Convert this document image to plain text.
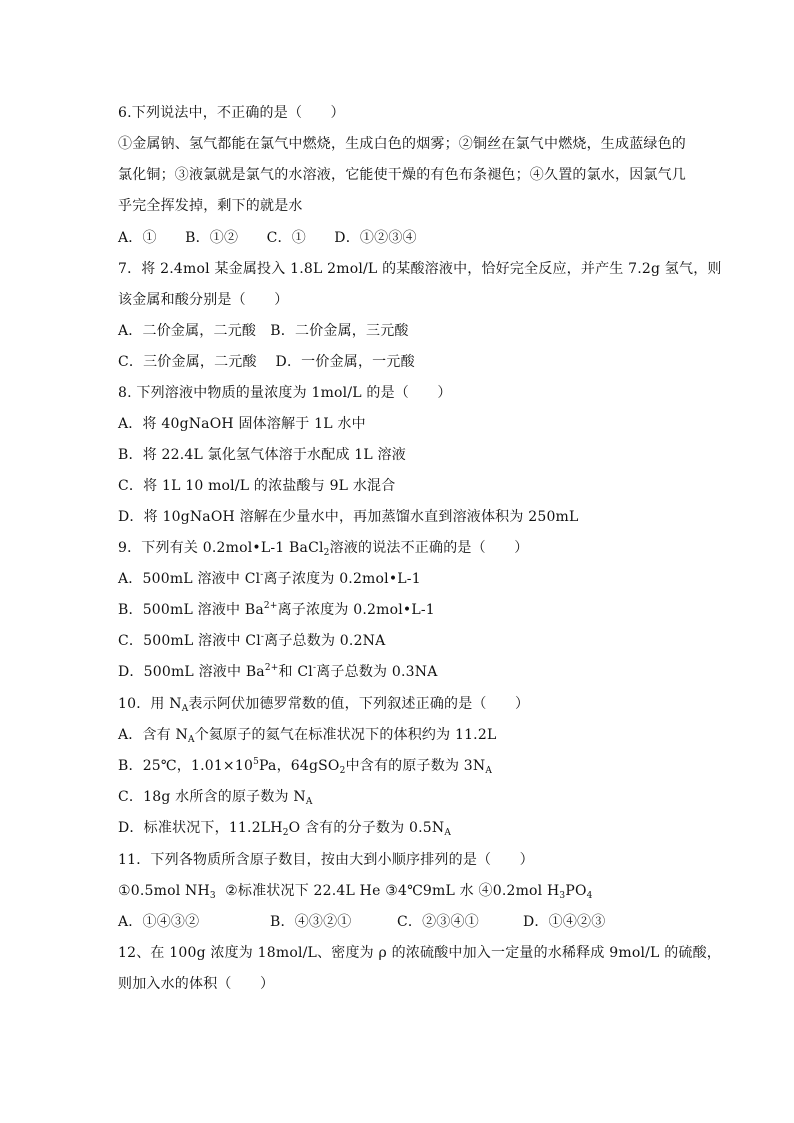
6.下列说法中，不正确的是（　　）
①金属钠、氢气都能在氯气中燃烧，生成白色的烟雾；②铜丝在氯气中燃烧，生成蓝绿色的
氯化铜；③液氯就是氯气的水溶液，它能使干燥的有色布条褪色；④久置的氯水，因氯气几
乎完全挥发掉，剩下的就是水
A．①　　B．①②　　C．①　　D．①②③④
7．将 2.4mol 某金属投入 1.8L 2mol/L 的某酸溶液中，恰好完全反应，并产生 7.2g 氢气，则
该金属和酸分别是（　　）
A．二价金属，二元酸　B．二价金属，三元酸
C．三价金属，二元酸　 D．一价金属，一元酸
8. 下列溶液中物质的量浓度为 1mol/L 的是（　　）
A．将 40gNaOH 固体溶解于 1L 水中
B．将 22.4L 氯化氢气体溶于水配成 1L 溶液
C．将 1L 10 mol/L 的浓盐酸与 9L 水混合
D．将 10gNaOH 溶解在少量水中，再加蒸馏水直到溶液体积为 250mL
9．下列有关 0.2mol•L-1 BaCl$_2$溶液的说法不正确的是（　　）
A．500mL 溶液中 Cl-离子浓度为 0.2mol•L-1
B．500mL 溶液中 $Ba^{2+}$离子浓度为 0.2mol•L-1
C．500mL 溶液中 Cl-离子总数为 0.2NA
D．500mL 溶液中 $Ba^{2+}$和 Cl-离子总数为 0.3NA
10．用 $N_A$表示阿伏加德罗常数的值，下列叙述正确的是（　　）
A．含有 $N_A$个氦原子的氦气在标准状况下的体积约为 11.2L
B．25℃，$1.01\times 10^5Pa$，64gSO$_2$中含有的原子数为 $3N_A$
C．18g 水所含的原子数为 $N_A$
D．标准状况下，$11.2LH_2O$ 含有的分子数为 $0.5N_A$
11．下列各物质所含原子数目，按由大到小顺序排列的是（　　）
①0.5mol $NH_3$  ②标准状况下 22.4L He ③4℃9mL 水 ④0.2mol $H_3PO_4$
A．①④③②	B．④③②①	C．②③④①	D．①④②③
12、在 100g 浓度为 18mol/L、密度为 ρ 的浓硫酸中加入一定量的水稀释成 9mol/L 的硫酸，
则加入水的体积（　　）
